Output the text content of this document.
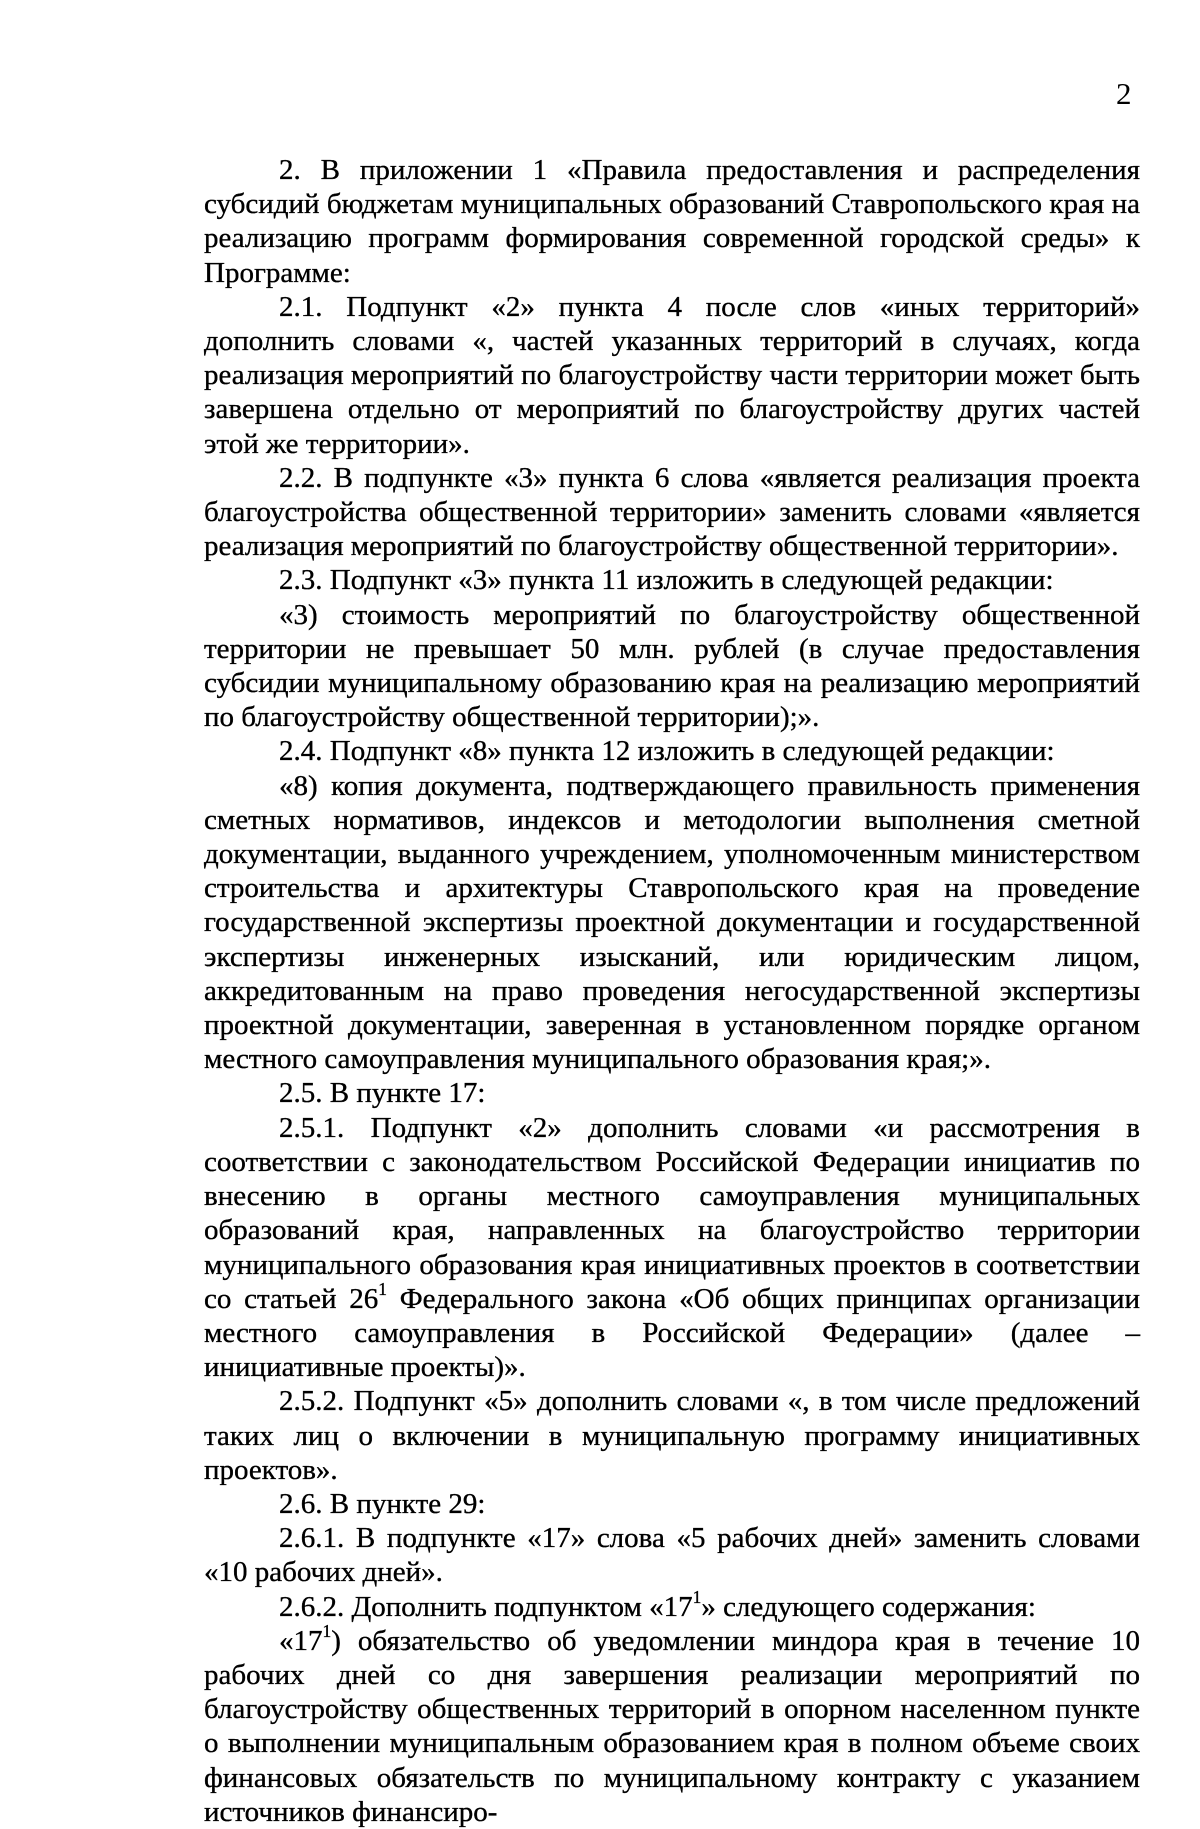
2

2. В приложении 1 «Правила предоставления и распределения субсидий бюджетам муниципальных образований Ставропольского края на реализацию программ формирования современной городской среды» к Программе:

2.1. Подпункт «2» пункта 4 после слов «иных территорий» дополнить словами «, частей указанных территорий в случаях, когда реализация мероприятий по благоустройству части территории может быть завершена отдельно от мероприятий по благоустройству других частей этой же территории».

2.2. В подпункте «3» пункта 6 слова «является реализация проекта благоустройства общественной территории» заменить словами «является реализация мероприятий по благоустройству общественной территории».

2.3. Подпункт «3» пункта 11 изложить в следующей редакции:

«3) стоимость мероприятий по благоустройству общественной территории не превышает 50 млн. рублей (в случае предоставления субсидии муниципальному образованию края на реализацию мероприятий по благоустройству общественной территории);».

2.4. Подпункт «8» пункта 12 изложить в следующей редакции:

«8) копия документа, подтверждающего правильность применения сметных нормативов, индексов и методологии выполнения сметной документации, выданного учреждением, уполномоченным министерством строительства и архитектуры Ставропольского края на проведение государственной экспертизы проектной документации и государственной экспертизы инженерных изысканий, или юридическим лицом, аккредитованным на право проведения негосударственной экспертизы проектной документации, заверенная в установленном порядке органом местного самоуправления муниципального образования края;».

2.5. В пункте 17:

2.5.1. Подпункт «2» дополнить словами «и рассмотрения в соответствии с законодательством Российской Федерации инициатив по внесению в органы местного самоуправления муниципальных образований края, направленных на благоустройство территории муниципального образования края инициативных проектов в соответствии со статьей $26^1$ Федерального закона «Об общих принципах организации местного самоуправления в Российской Федерации» (далее – инициативные проекты)».

2.5.2. Подпункт «5» дополнить словами «, в том числе предложений таких лиц о включении в муниципальную программу инициативных проектов».

2.6. В пункте 29:

2.6.1. В подпункте «17» слова «5 рабочих дней» заменить словами «10 рабочих дней».

2.6.2. Дополнить подпунктом «$17^1$» следующего содержания:

«$17^1$) обязательство об уведомлении миндора края в течение 10 рабочих дней со дня завершения реализации мероприятий по благоустройству общественных территорий в опорном населенном пункте о выполнении муниципальным образованием края в полном объеме своих финансовых обязательств по муниципальному контракту с указанием источников финансиро-
